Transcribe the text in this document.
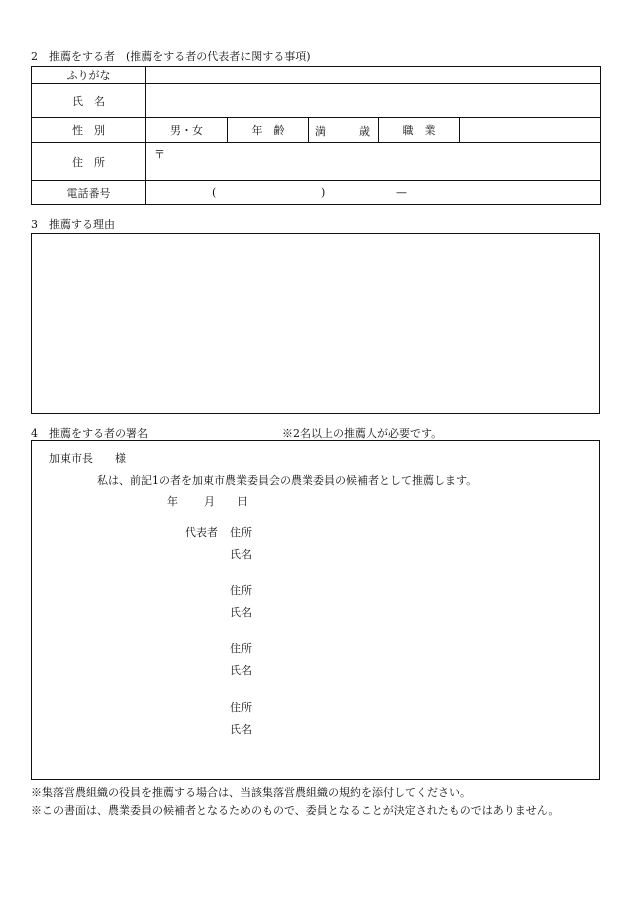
2　推薦をする者　(推薦をする者の代表者に関する事項)
ふりがな					
氏　名					
性　別	男・女	年　齢	満 歳	職　業	
住　所	〒				
電話番号	( ) —				
3　推薦する理由
4　推薦をする者の署名	※2名以上の推薦人が必要です。
加東市長　　様
私は、前記1の者を加東市農業委員会の農業委員の候補者として推薦します。
年 月 日
代表者 住所
氏名
住所
氏名
住所
氏名
住所
氏名
※集落営農組織の役員を推薦する場合は、当該集落営農組織の規約を添付してください。
※この書面は、農業委員の候補者となるためのもので、委員となることが決定されたものではありません。
